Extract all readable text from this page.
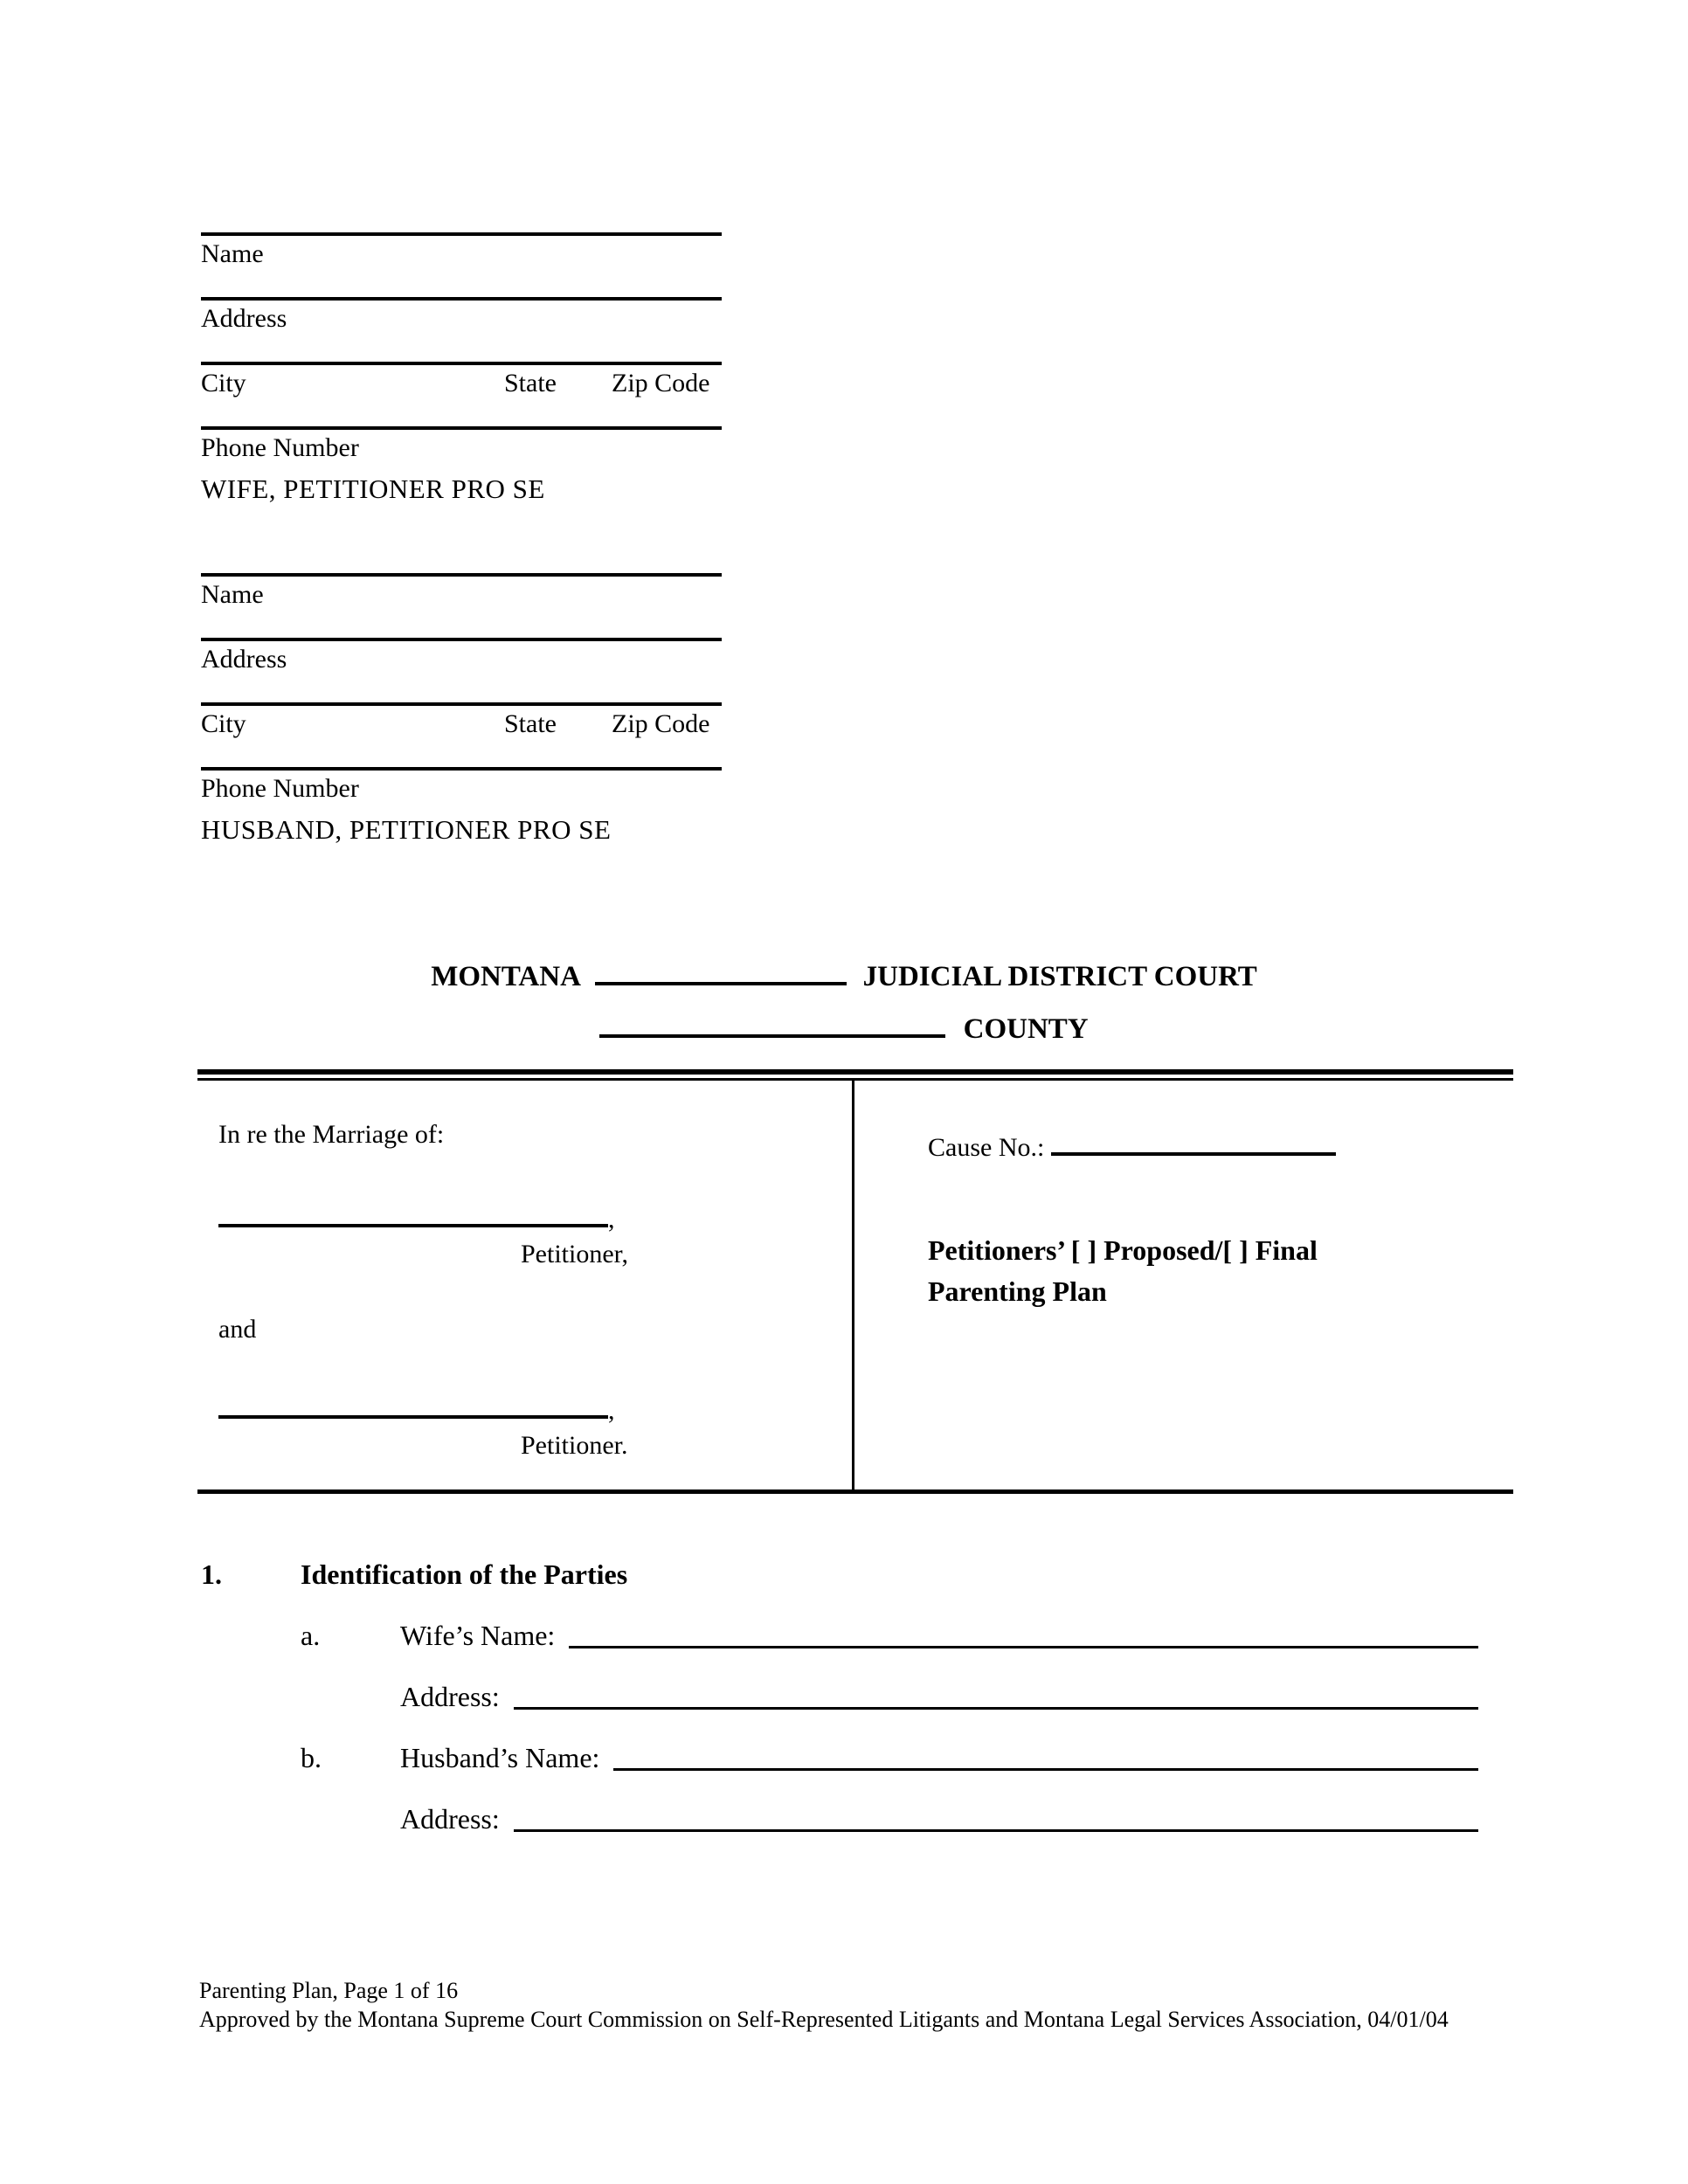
Name
Address
City	State Zip Code
Phone Number
WIFE, PETITIONER PRO SE
Name
Address
City	State Zip Code
Phone Number
HUSBAND, PETITIONER PRO SE
MONTANA	JUDICIAL DISTRICT COURT
COUNTY
In re the Marriage of:
,
Petitioner,
and
,
Petitioner.
Cause No.:
Petitioners’ [ ] Proposed/[ ] Final
Parenting Plan
1.	Identification of the Parties
a.	Wife’s Name:
Address:
b.	Husband’s Name:
Address:
Parenting Plan, Page 1 of 16
Approved by the Montana Supreme Court Commission on Self-Represented Litigants and Montana Legal Services Association, 04/01/04
